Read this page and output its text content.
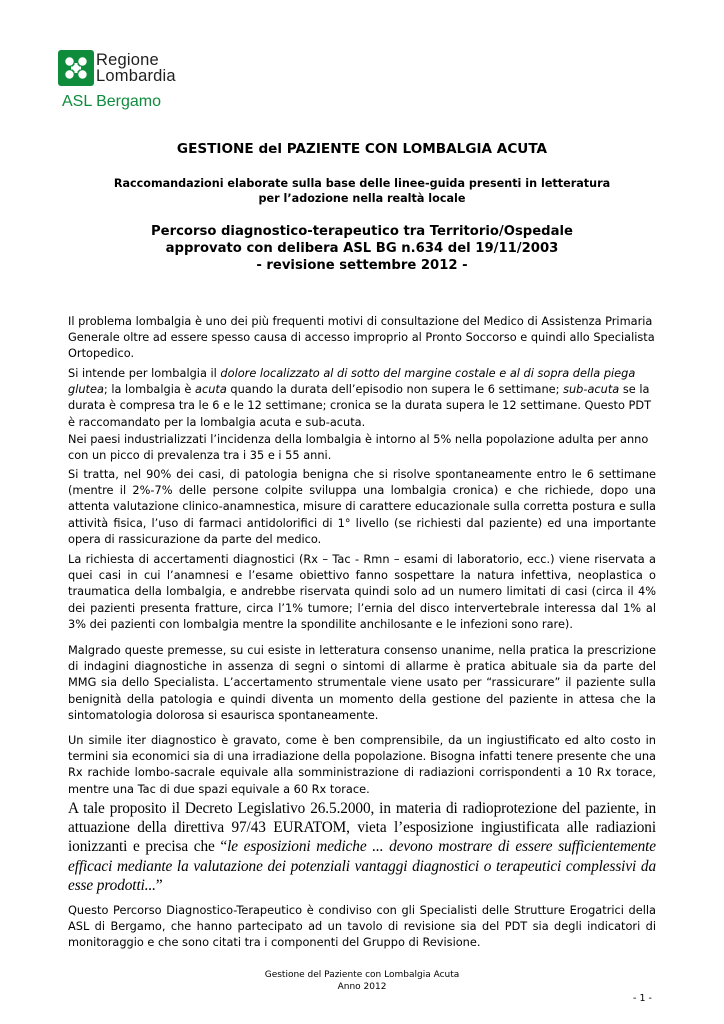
Regione
Lombardia
ASL Bergamo
GESTIONE del PAZIENTE CON LOMBALGIA ACUTA
Raccomandazioni elaborate sulla base delle linee-guida presenti in letteratura
per l’adozione nella realtà locale
Percorso diagnostico-terapeutico tra Territorio/Ospedale
approvato con delibera ASL BG n.634 del 19/11/2003
- revisione settembre 2012 -

Il problema lombalgia è uno dei più frequenti motivi di consultazione del Medico di Assistenza Primaria Generale oltre ad essere spesso causa di accesso improprio al Pronto Soccorso e quindi allo Specialista Ortopedico.

Si intende per lombalgia il dolore localizzato al di sotto del margine costale e al di sopra della piega glutea; la lombalgia è acuta quando la durata dell’episodio non supera le 6 settimane; sub-acuta se la durata è compresa tra le 6 e le 12 settimane; cronica se la durata supera le 12 settimane. Questo PDT è raccomandato per la lombalgia acuta e sub-acuta.

Nei paesi industrializzati l’incidenza della lombalgia è intorno al 5% nella popolazione adulta per anno con un picco di prevalenza tra i 35 e i 55 anni.

Si tratta, nel 90% dei casi, di patologia benigna che si risolve spontaneamente entro le 6 settimane (mentre il 2%-7% delle persone colpite sviluppa una lombalgia cronica) e che richiede, dopo una attenta valutazione clinico-anamnestica, misure di carattere educazionale sulla corretta postura e sulla attività fisica, l’uso di farmaci antidolorifici di 1° livello (se richiesti dal paziente) ed una importante opera di rassicurazione da parte del medico.

La richiesta di accertamenti diagnostici (Rx – Tac - Rmn – esami di laboratorio, ecc.) viene riservata a quei casi in cui l’anamnesi e l’esame obiettivo fanno sospettare la natura infettiva, neoplastica o traumatica della lombalgia, e andrebbe riservata quindi solo ad un numero limitati di casi (circa il 4% dei pazienti presenta fratture, circa l’1% tumore; l’ernia del disco intervertebrale interessa dal 1% al 3% dei pazienti con lombalgia mentre la spondilite anchilosante e le infezioni sono rare).

Malgrado queste premesse, su cui esiste in letteratura consenso unanime, nella pratica la prescrizione di indagini diagnostiche in assenza di segni o sintomi di allarme è pratica abituale sia da parte del MMG sia dello Specialista. L’accertamento strumentale viene usato per “rassicurare” il paziente sulla benignità della patologia e quindi diventa un momento della gestione del paziente in attesa che la sintomatologia dolorosa si esaurisca spontaneamente.

Un simile iter diagnostico è gravato, come è ben comprensibile, da un ingiustificato ed alto costo in termini sia economici sia di una irradiazione della popolazione. Bisogna infatti tenere presente che una Rx rachide lombo-sacrale equivale alla somministrazione di radiazioni corrispondenti a 10 Rx torace, mentre una Tac di due spazi equivale a 60 Rx torace.

A tale proposito il Decreto Legislativo 26.5.2000, in materia di radioprotezione del paziente, in attuazione della direttiva 97/43 EURATOM, vieta l’esposizione ingiustificata alle radiazioni ionizzanti e precisa che “le esposizioni mediche ... devono mostrare di essere sufficientemente efficaci mediante la valutazione dei potenziali vantaggi diagnostici o terapeutici complessivi da esse prodotti...”

Questo Percorso Diagnostico-Terapeutico è condiviso con gli Specialisti delle Strutture Erogatrici della ASL di Bergamo, che hanno partecipato ad un tavolo di revisione sia del PDT sia degli indicatori di monitoraggio e che sono citati tra i componenti del Gruppo di Revisione.

Gestione del Paziente con Lombalgia Acuta
Anno 2012
- 1 -
